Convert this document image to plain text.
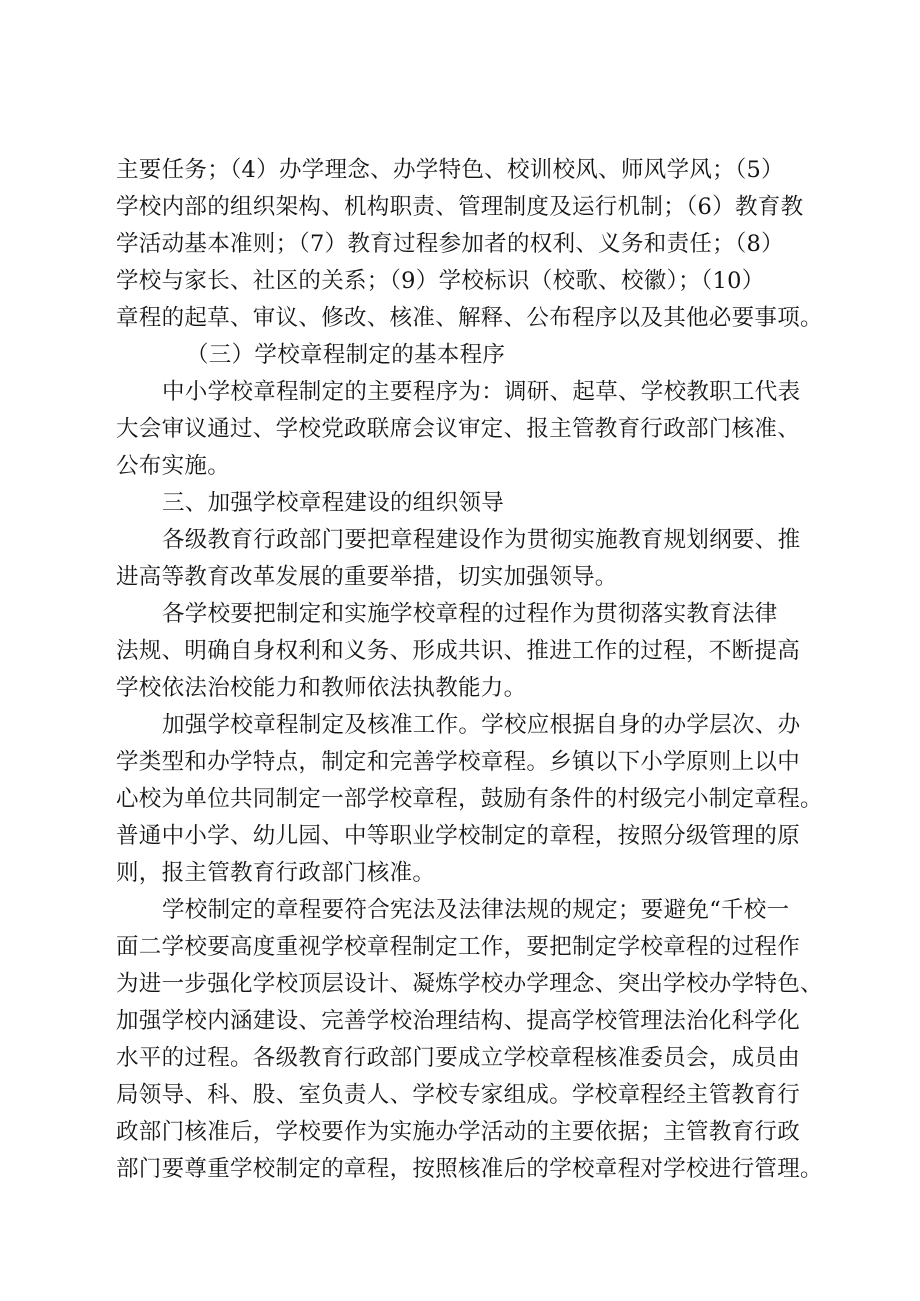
主要任务；（4）办学理念、办学特色、校训校风、师风学风；（5）
学校内部的组织架构、机构职责、管理制度及运行机制；（6）教育教
学活动基本准则；（7）教育过程参加者的权利、义务和责任；（8）
学校与家长、社区的关系；（9）学校标识（校歌、校徽）；（10）
章程的起草、审议、修改、核准、解释、公布程序以及其他必要事项。
（三）学校章程制定的基本程序
中小学校章程制定的主要程序为：调研、起草、学校教职工代表
大会审议通过、学校党政联席会议审定、报主管教育行政部门核准、
公布实施。
三、加强学校章程建设的组织领导
各级教育行政部门要把章程建设作为贯彻实施教育规划纲要、推
进高等教育改革发展的重要举措，切实加强领导。
各学校要把制定和实施学校章程的过程作为贯彻落实教育法律
法规、明确自身权利和义务、形成共识、推进工作的过程，不断提高
学校依法治校能力和教师依法执教能力。
加强学校章程制定及核准工作。学校应根据自身的办学层次、办
学类型和办学特点，制定和完善学校章程。乡镇以下小学原则上以中
心校为单位共同制定一部学校章程，鼓励有条件的村级完小制定章程。
普通中小学、幼儿园、中等职业学校制定的章程，按照分级管理的原
则，报主管教育行政部门核准。
学校制定的章程要符合宪法及法律法规的规定；要避免“千校一
面二学校要高度重视学校章程制定工作，要把制定学校章程的过程作
为进一步强化学校顶层设计、凝炼学校办学理念、突出学校办学特色、
加强学校内涵建设、完善学校治理结构、提高学校管理法治化科学化
水平的过程。各级教育行政部门要成立学校章程核准委员会，成员由
局领导、科、股、室负责人、学校专家组成。学校章程经主管教育行
政部门核准后，学校要作为实施办学活动的主要依据；主管教育行政
部门要尊重学校制定的章程，按照核准后的学校章程对学校进行管理。
